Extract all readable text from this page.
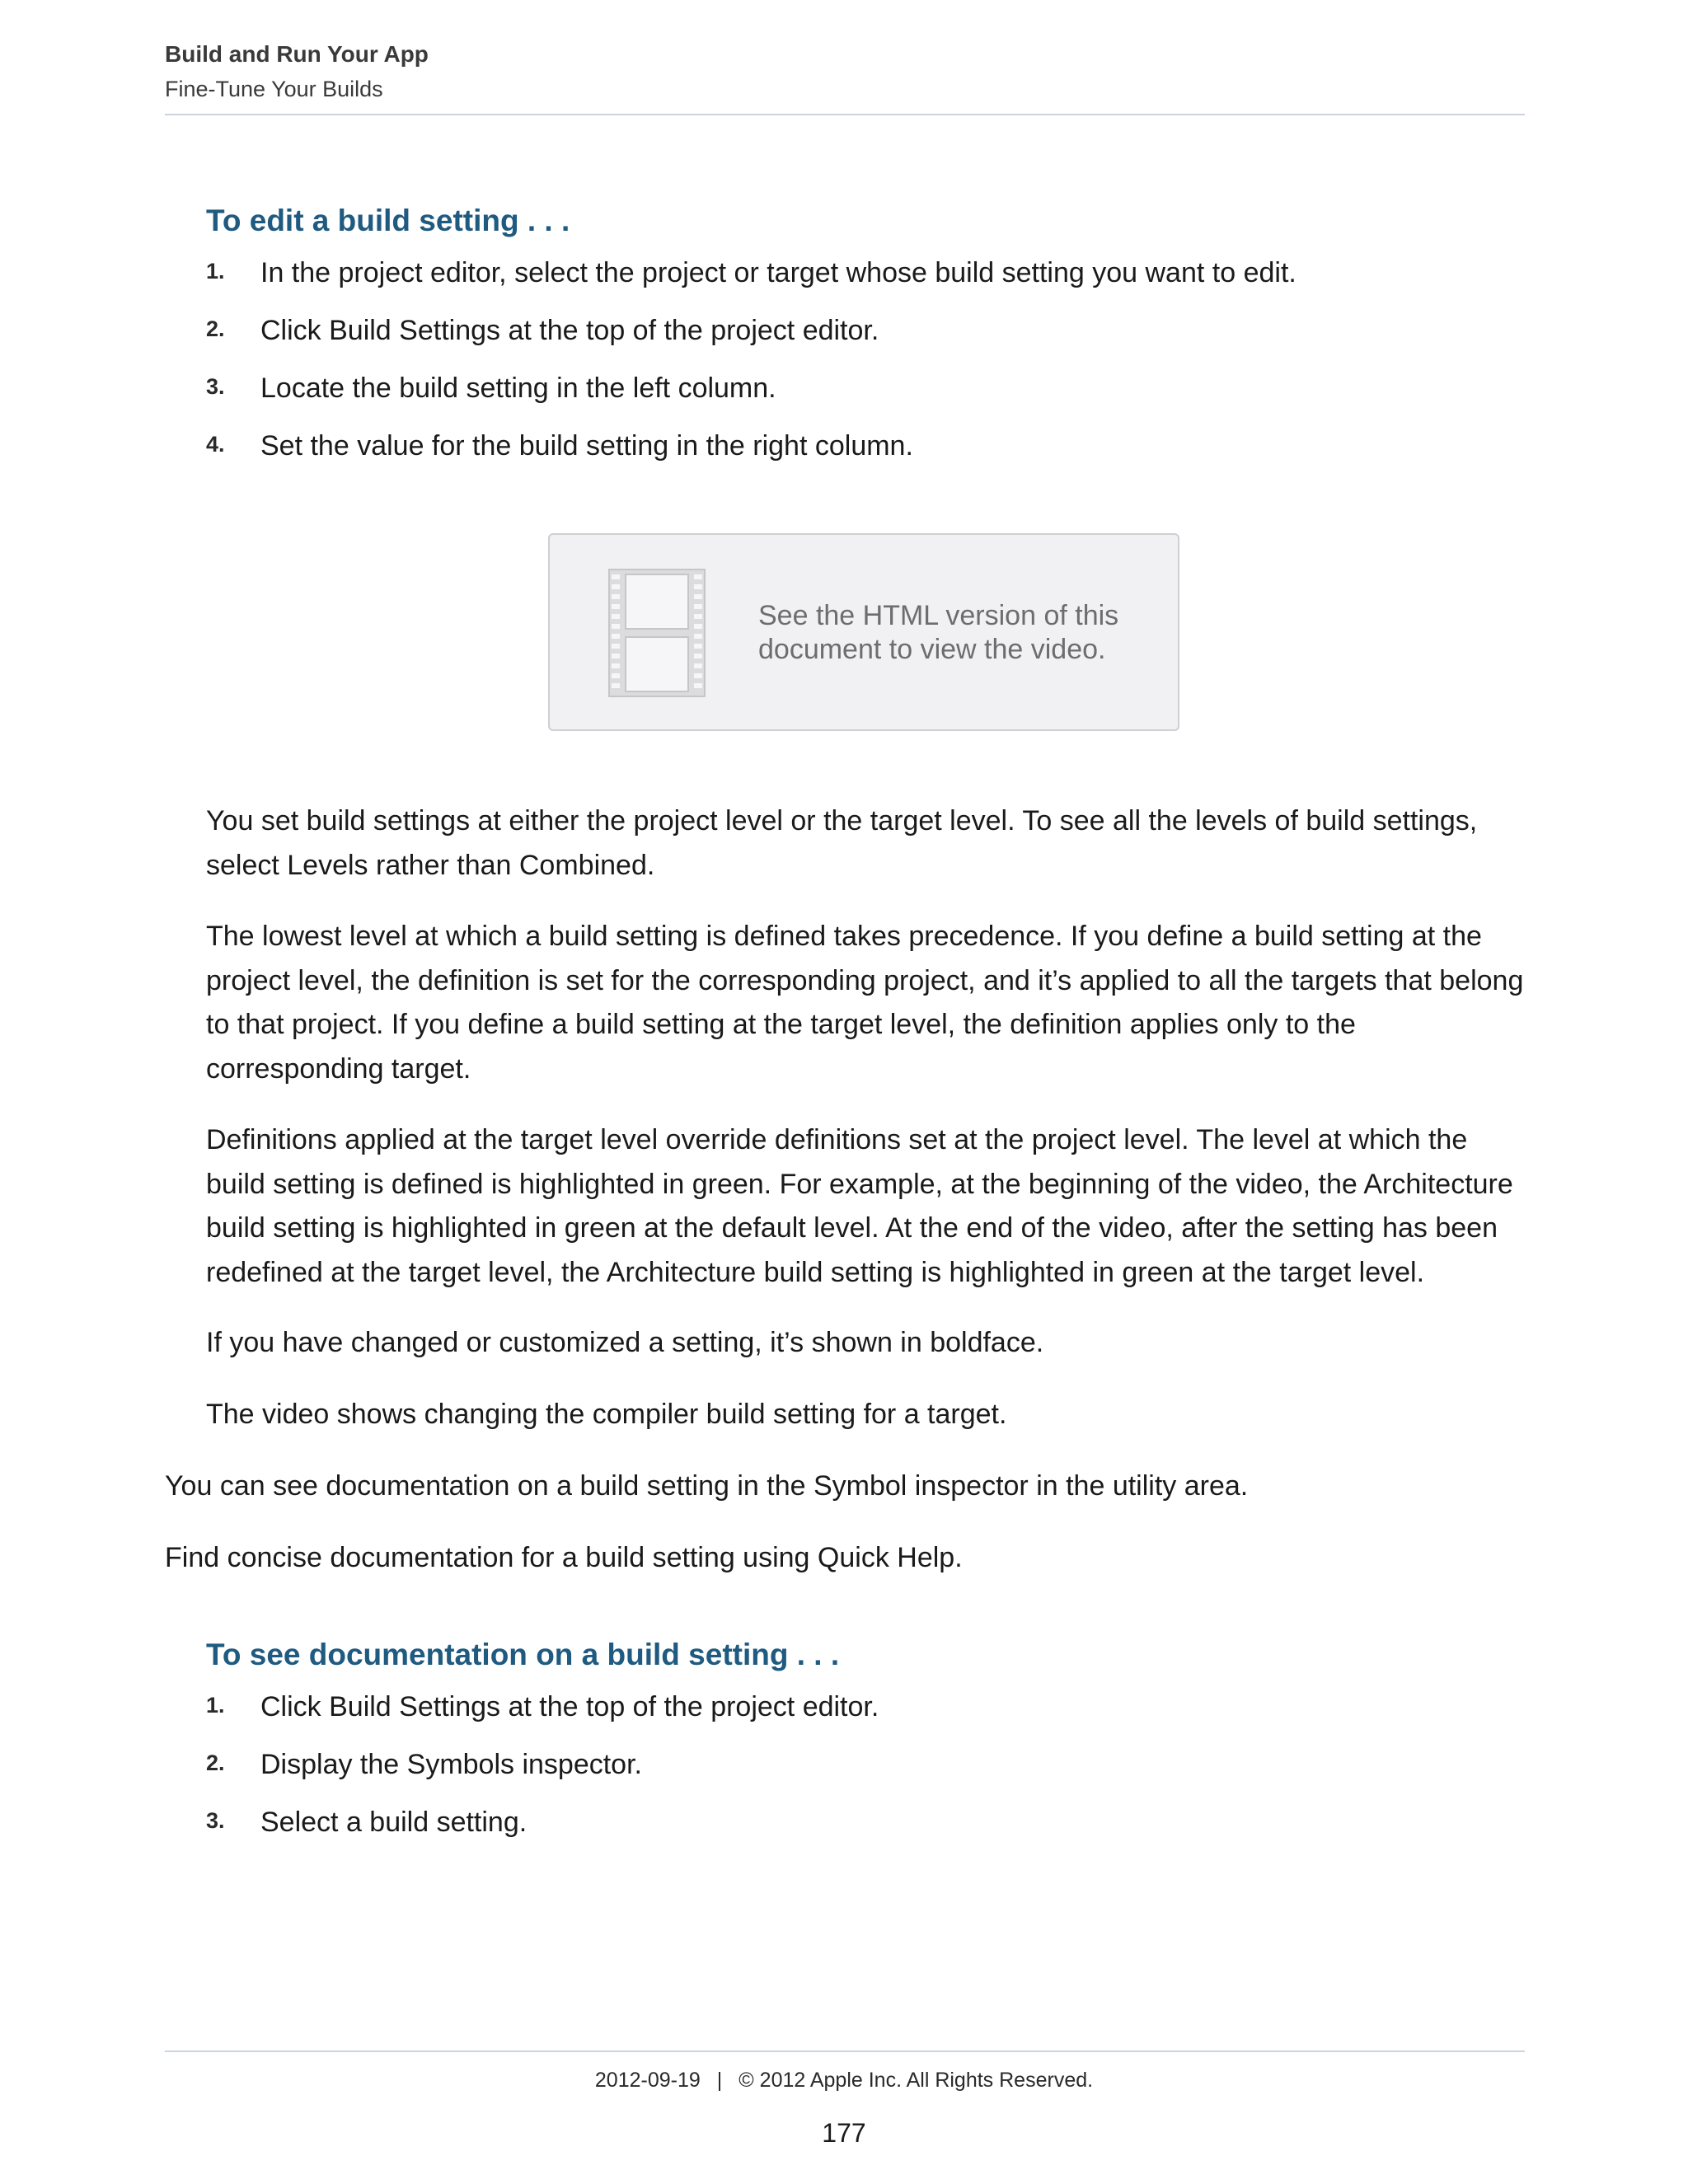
Build and Run Your App
Fine-Tune Your Builds
To edit a build setting . . .
1. In the project editor, select the project or target whose build setting you want to edit.
2. Click Build Settings at the top of the project editor.
3. Locate the build setting in the left column.
4. Set the value for the build setting in the right column.
See the HTML version of this
document to view the video.

You set build settings at either the project level or the target level. To see all the levels of build settings, select Levels rather than Combined.

The lowest level at which a build setting is defined takes precedence. If you define a build setting at the project level, the definition is set for the corresponding project, and it’s applied to all the targets that belong to that project. If you define a build setting at the target level, the definition applies only to the corresponding target.

Definitions applied at the target level override definitions set at the project level. The level at which the build setting is defined is highlighted in green. For example, at the beginning of the video, the Architecture build setting is highlighted in green at the default level. At the end of the video, after the setting has been redefined at the target level, the Architecture build setting is highlighted in green at the target level.

If you have changed or customized a setting, it’s shown in boldface.

The video shows changing the compiler build setting for a target.

You can see documentation on a build setting in the Symbol inspector in the utility area.

Find concise documentation for a build setting using Quick Help.

To see documentation on a build setting . . .
1. Click Build Settings at the top of the project editor.
2. Display the Symbols inspector.
3. Select a build setting.
2012-09-19 | © 2012 Apple Inc. All Rights Reserved.
177
